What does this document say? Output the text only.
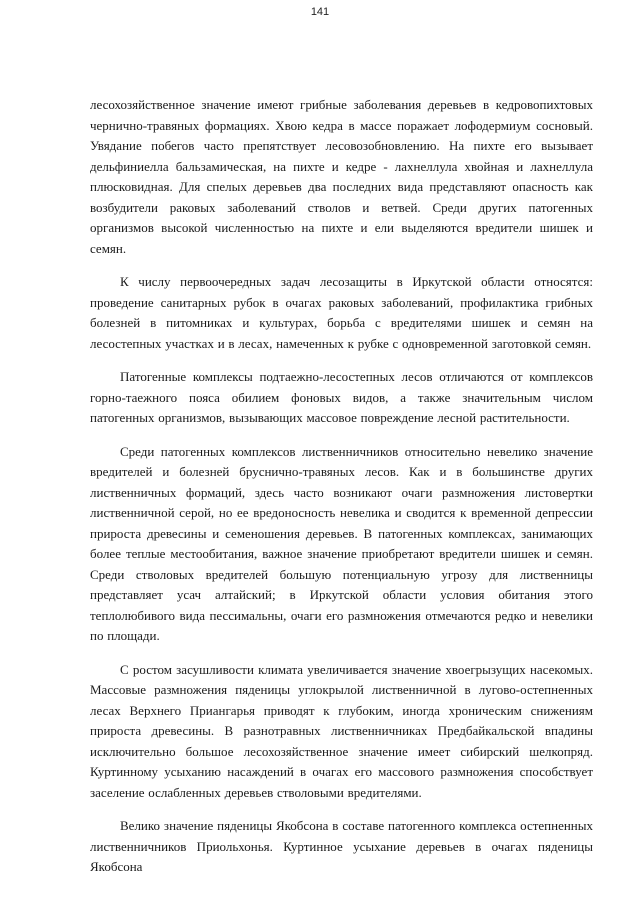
141

лесохозяйственное значение имеют грибные заболевания деревьев в кедровопихтовых чернично-травяных формациях. Хвою кедра в массе поражает лофодермиум сосновый. Увядание побегов часто препятствует лесовозобновлению. На пихте его вызывает дельфиниелла бальзамическая, на пихте и кедре - лахнеллула хвойная и лахнеллула плюсковидная. Для спелых деревьев два последних вида представляют опасность как возбудители раковых заболеваний стволов и ветвей. Среди других патогенных организмов высокой численностью на пихте и ели выделяются вредители шишек и семян.

К числу первоочередных задач лесозащиты в Иркутской области относятся: проведение санитарных рубок в очагах раковых заболеваний, профилактика грибных болезней в питомниках и культурах, борьба с вредителями шишек и семян на лесостепных участках и в лесах, намеченных к рубке с одновременной заготовкой семян.

Патогенные комплексы подтаежно-лесостепных лесов отличаются от комплексов горно-таежного пояса обилием фоновых видов, а также значительным числом патогенных организмов, вызывающих массовое повреждение лесной растительности.

Среди патогенных комплексов лиственничников относительно невелико значение вредителей и болезней бруснично-травяных лесов. Как и в большинстве других лиственничных формаций, здесь часто возникают очаги размножения листовертки лиственничной серой, но ее вредоносность невелика и сводится к временной депрессии прироста древесины и семеношения деревьев. В патогенных комплексах, занимающих более теплые местообитания, важное значение приобретают вредители шишек и семян. Среди стволовых вредителей большую потенциальную угрозу для лиственницы представляет усач алтайский; в Иркутской области условия обитания этого теплолюбивого вида пессимальны, очаги его размножения отмечаются редко и невелики по площади.

С ростом засушливости климата увеличивается значение хвоегрызущих насекомых. Массовые размножения пяденицы углокрылой лиственничной в лугово-остепненных лесах Верхнего Приангарья приводят к глубоким, иногда хроническим снижениям прироста древесины. В разнотравных лиственничниках Предбайкальской впадины исключительно большое лесохозяйственное значение имеет сибирский шелкопряд. Куртинному усыханию насаждений в очагах его массового размножения способствует заселение ослабленных деревьев стволовыми вредителями.

Велико значение пяденицы Якобсона в составе патогенного комплекса остепненных лиственничников Приольхонья. Куртинное усыхание деревьев в очагах пяденицы Якобсона
